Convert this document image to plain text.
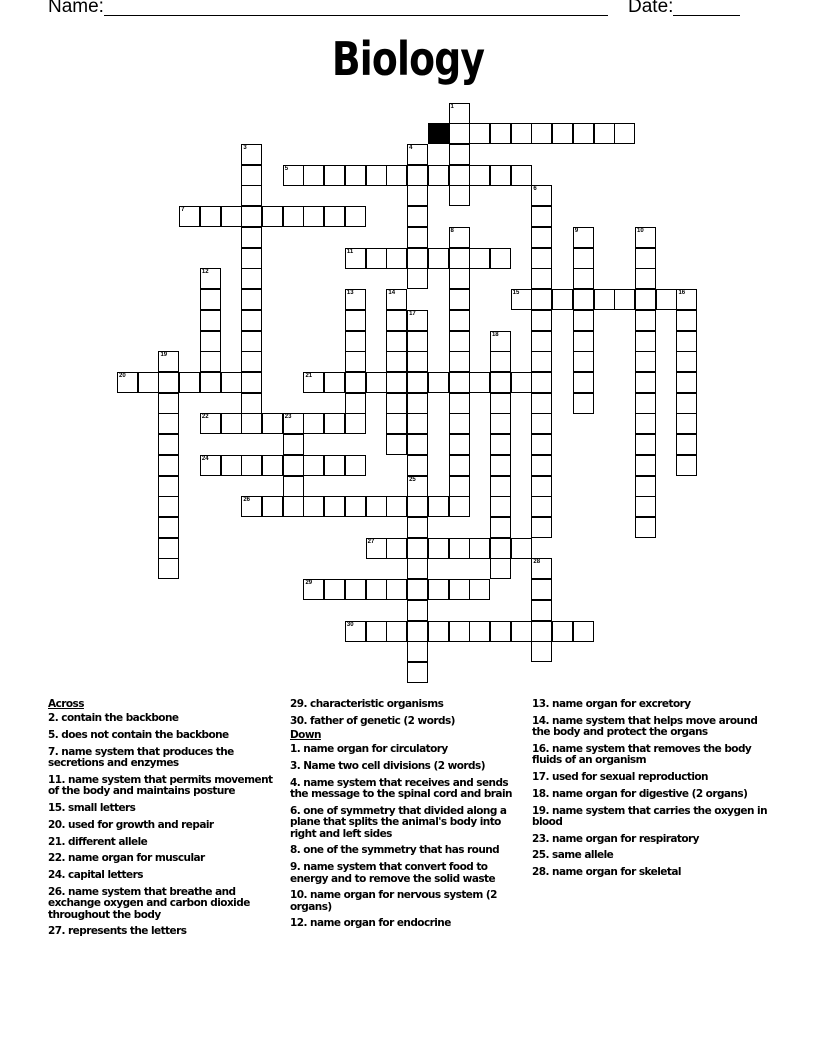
Name:	Date:
Biology
1
2
3	4
5
6
7
8	9	10
11
12
13	14	15	16
17
18
19
20	21
22	23
24
25
26
27
28
29
30
Across
2. contain the backbone
5. does not contain the backbone
7. name system that produces the secretions and enzymes
11. name system that permits movement of the body and maintains posture
15. small letters
20. used for growth and repair
21. different allele
22. name organ for muscular
24. capital letters
26. name system that breathe and exchange oxygen and carbon dioxide throughout the body
27. represents the letters
29. characteristic organisms
30. father of genetic (2 words)
Down
1. name organ for circulatory
3. Name two cell divisions (2 words)
4. name system that receives and sends the message to the spinal cord and brain
6. one of symmetry that divided along a plane that splits the animal's body into right and left sides
8. one of the symmetry that has round
9. name system that convert food to energy and to remove the solid waste
10. name organ for nervous system (2 organs)
12. name organ for endocrine
13. name organ for excretory
14. name system that helps move around the body and protect the organs
16. name system that removes the body fluids of an organism
17. used for sexual reproduction
18. name organ for digestive (2 organs)
19. name system that carries the oxygen in blood
23. name organ for respiratory
25. same allele
28. name organ for skeletal
